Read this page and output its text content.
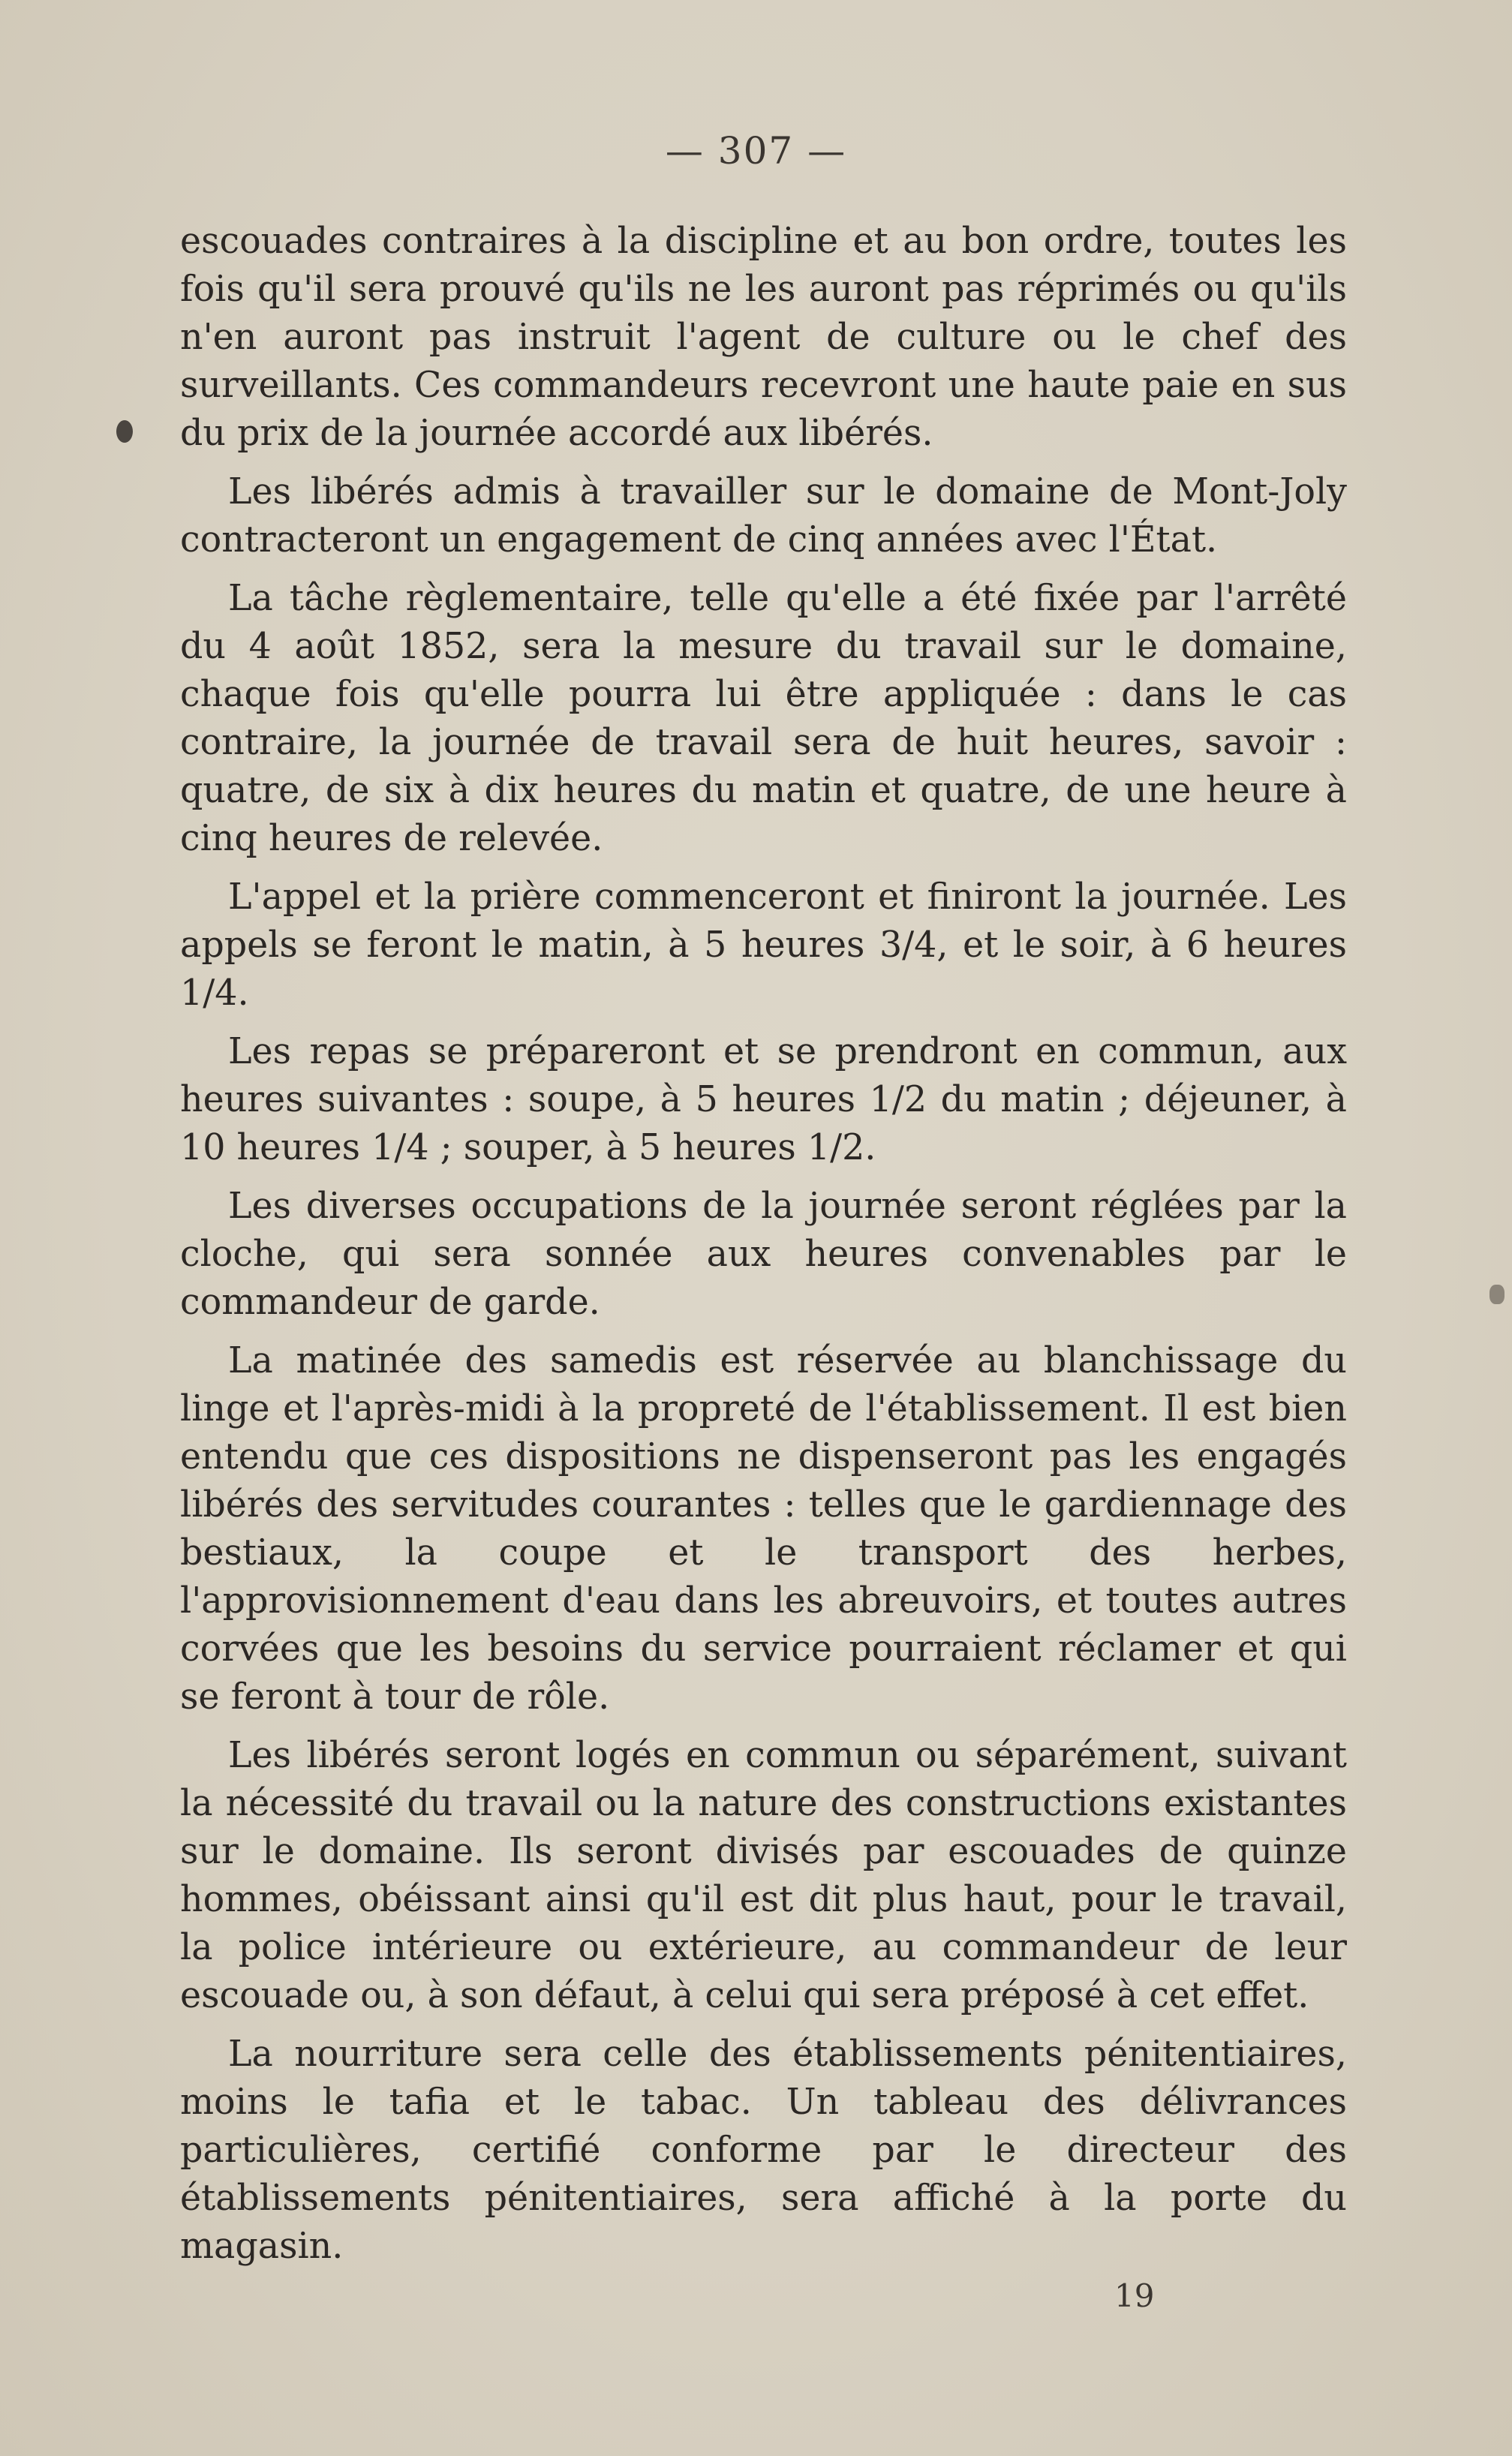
— 307 —

escouades contraires à la discipline et au bon ordre, toutes les fois qu'il sera prouvé qu'ils ne les auront pas réprimés ou qu'ils n'en auront pas instruit l'agent de culture ou le chef des surveillants. Ces commandeurs recevront une haute paie en sus du prix de la journée accordé aux libérés.

Les libérés admis à travailler sur le domaine de Mont-Joly contracteront un engagement de cinq années avec l'État.

La tâche règlementaire, telle qu'elle a été fixée par l'arrêté du 4 août 1852, sera la mesure du travail sur le domaine, chaque fois qu'elle pourra lui être appliquée : dans le cas contraire, la journée de travail sera de huit heures, savoir : quatre, de six à dix heures du matin et quatre, de une heure à cinq heures de relevée.

L'appel et la prière commenceront et finiront la journée. Les appels se feront le matin, à 5 heures 3/4, et le soir, à 6 heures 1/4.

Les repas se prépareront et se prendront en commun, aux heures suivantes : soupe, à 5 heures 1/2 du matin ; déjeuner, à 10 heures 1/4 ; souper, à 5 heures 1/2.

Les diverses occupations de la journée seront réglées par la cloche, qui sera sonnée aux heures convenables par le commandeur de garde.

La matinée des samedis est réservée au blanchissage du linge et l'après-midi à la propreté de l'établissement. Il est bien entendu que ces dispositions ne dispenseront pas les engagés libérés des servitudes courantes : telles que le gardiennage des bestiaux, la coupe et le transport des herbes, l'approvisionnement d'eau dans les abreuvoirs, et toutes autres corvées que les besoins du service pourraient réclamer et qui se feront à tour de rôle.

Les libérés seront logés en commun ou séparément, suivant la nécessité du travail ou la nature des constructions existantes sur le domaine. Ils seront divisés par escouades de quinze hommes, obéissant ainsi qu'il est dit plus haut, pour le travail, la police intérieure ou extérieure, au commandeur de leur escouade ou, à son défaut, à celui qui sera préposé à cet effet.

La nourriture sera celle des établissements pénitentiaires, moins le tafia et le tabac. Un tableau des délivrances particulières, certifié conforme par le directeur des établissements pénitentiaires, sera affiché à la porte du magasin.

19
